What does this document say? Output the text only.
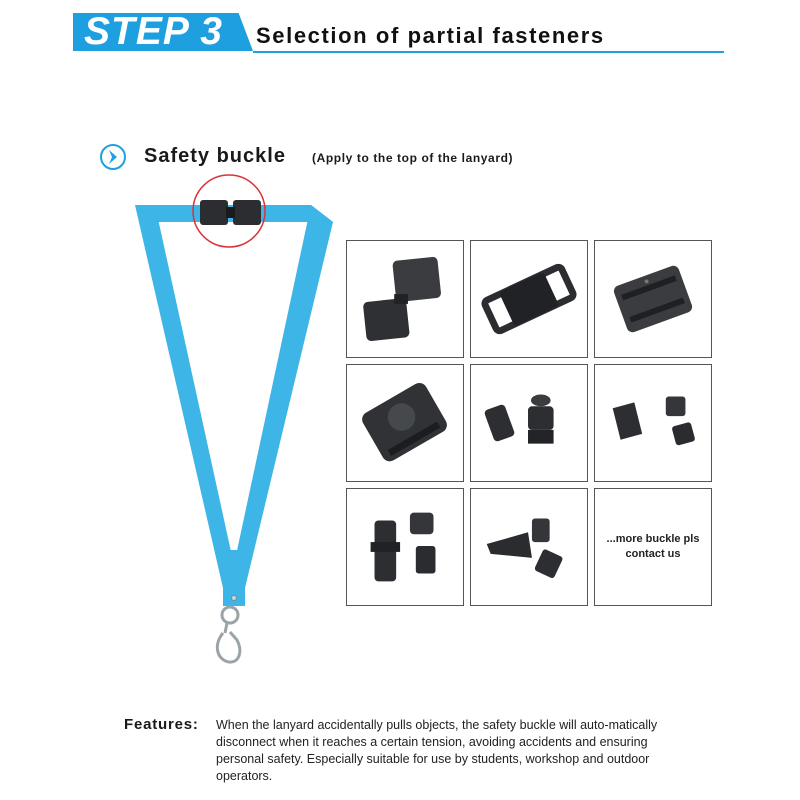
STEP 3 Selection of partial fasteners
Safety buckle (Apply to the top of the lanyard)
...more buckle pls
contact us
Features: When the lanyard accidentally pulls objects, the safety buckle will auto-matically disconnect when it reaches a certain tension, avoiding accidents and ensuring personal safety. Especially suitable for use by students, workshop and outdoor operators.
